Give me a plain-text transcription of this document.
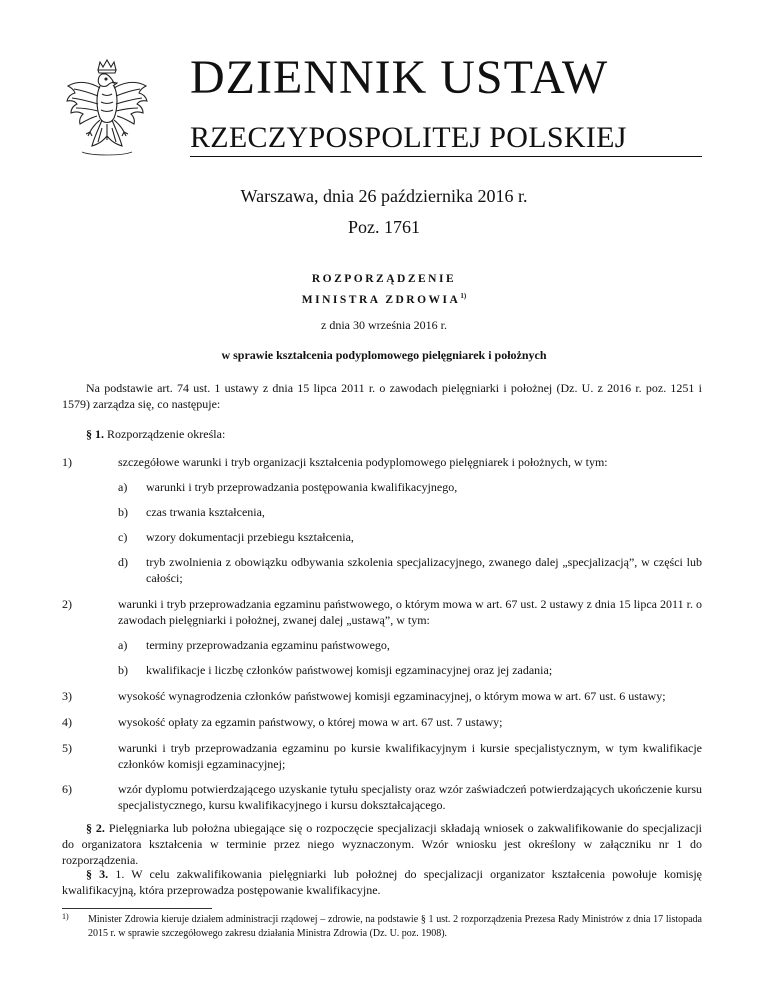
DZIENNIK USTAW
RZECZYPOSPOLITEJ POLSKIEJ

Warszawa, dnia 26 października 2016 r.

Poz. 1761

ROZPORZĄDZENIE

MINISTRA ZDROWIA$^{1)}$

z dnia 30 września 2016 r.

w sprawie kształcenia podyplomowego pielęgniarek i położnych

Na podstawie art. 74 ust. 1 ustawy z dnia 15 lipca 2011 r. o zawodach pielęgniarki i położnej (Dz. U. z 2016 r. poz. 1251 i 1579) zarządza się, co następuje:

§ 1. Rozporządzenie określa:

1)	szczegółowe warunki i tryb organizacji kształcenia podyplomowego pielęgniarek i położnych, w tym:
a) warunki i tryb przeprowadzania postępowania kwalifikacyjnego,
b) czas trwania kształcenia,
c) wzory dokumentacji przebiegu kształcenia,
d) tryb zwolnienia z obowiązku odbywania szkolenia specjalizacyjnego, zwanego dalej „specjalizacją”, w części lub całości;
2)	warunki i tryb przeprowadzania egzaminu państwowego, o którym mowa w art. 67 ust. 2 ustawy z dnia 15 lipca 2011 r. o zawodach pielęgniarki i położnej, zwanej dalej „ustawą”, w tym:
a) terminy przeprowadzania egzaminu państwowego,
b) kwalifikacje i liczbę członków państwowej komisji egzaminacyjnej oraz jej zadania;
3)	wysokość wynagrodzenia członków państwowej komisji egzaminacyjnej, o którym mowa w art. 67 ust. 6 ustawy;
4)	wysokość opłaty za egzamin państwowy, o której mowa w art. 67 ust. 7 ustawy;
5)	warunki i tryb przeprowadzania egzaminu po kursie kwalifikacyjnym i kursie specjalistycznym, w tym kwalifikacje członków komisji egzaminacyjnej;
6)	wzór dyplomu potwierdzającego uzyskanie tytułu specjalisty oraz wzór zaświadczeń potwierdzających ukończenie kursu specjalistycznego, kursu kwalifikacyjnego i kursu dokształcającego.

§ 2. Pielęgniarka lub położna ubiegające się o rozpoczęcie specjalizacji składają wniosek o zakwalifikowanie do specjalizacji do organizatora kształcenia w terminie przez niego wyznaczonym. Wzór wniosku jest określony w załączniku nr 1 do rozporządzenia.

§ 3. 1. W celu zakwalifikowania pielęgniarki lub położnej do specjalizacji organizator kształcenia powołuje komisję kwalifikacyjną, która przeprowadza postępowanie kwalifikacyjne.

1) Minister Zdrowia kieruje działem administracji rządowej – zdrowie, na podstawie § 1 ust. 2 rozporządzenia Prezesa Rady Ministrów z dnia 17 listopada 2015 r. w sprawie szczegółowego zakresu działania Ministra Zdrowia (Dz. U. poz. 1908).
